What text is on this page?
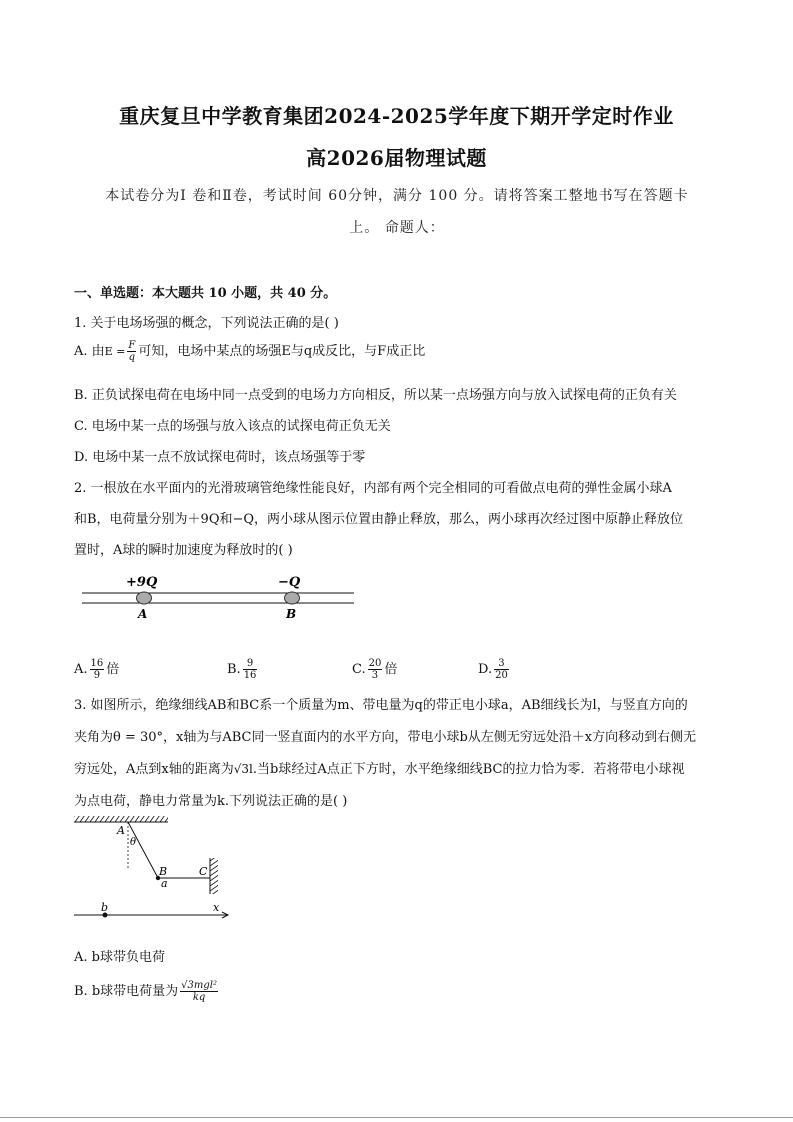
重庆复旦中学教育集团2024-2025学年度下期开学定时作业
高2026届物理试题
本试卷分为Ⅰ 卷和Ⅱ卷，考试时间 60分钟，满分 100 分。请将答案工整地书写在答题卡
上。 命题人：
一、单选题：本大题共 10 小题，共 40 分。
1. 关于电场场强的概念，下列说法正确的是( )
A. 由$E = \frac{F}{q}$ 可知，电场中某点的场强E与q成反比，与F成正比
B. 正负试探电荷在电场中同一点受到的电场力方向相反，所以某一点场强方向与放入试探电荷的正负有关
C. 电场中某一点的场强与放入该点的试探电荷正负无关
D. 电场中某一点不放试探电荷时，该点场强等于零
2. 一根放在水平面内的光滑玻璃管绝缘性能良好，内部有两个完全相同的可看做点电荷的弹性金属小球A
和B，电荷量分别为＋9Q和−Q，两小球从图示位置由静止释放，那么，两小球再次经过图中原静止释放位
置时，A球的瞬时加速度为释放时的( )
+9Q	−Q
A	B
A. $\frac{16}{9}$ 倍	B. $\frac{9}{16}$	C. $\frac{20}{3}$ 倍	D. $\frac{3}{20}$
3. 如图所示，绝缘细线AB和BC系一个质量为m、带电量为q的带正电小球a，AB细线长为l，与竖直方向的
夹角为θ = 30°，x轴为与ABC同一竖直面内的水平方向，带电小球b从左侧无穷远处沿＋x方向移动到右侧无
穷远处，A点到x轴的距离为√3l.当b球经过A点正下方时，水平绝缘细线BC的拉力恰为零．若将带电小球视
为点电荷，静电力常量为k.下列说法正确的是( )
A
θ
B
a
C
b	x
A. b球带负电荷
B. b球带电荷量为 $\frac{\text{√3mgl²}}{kq}$
